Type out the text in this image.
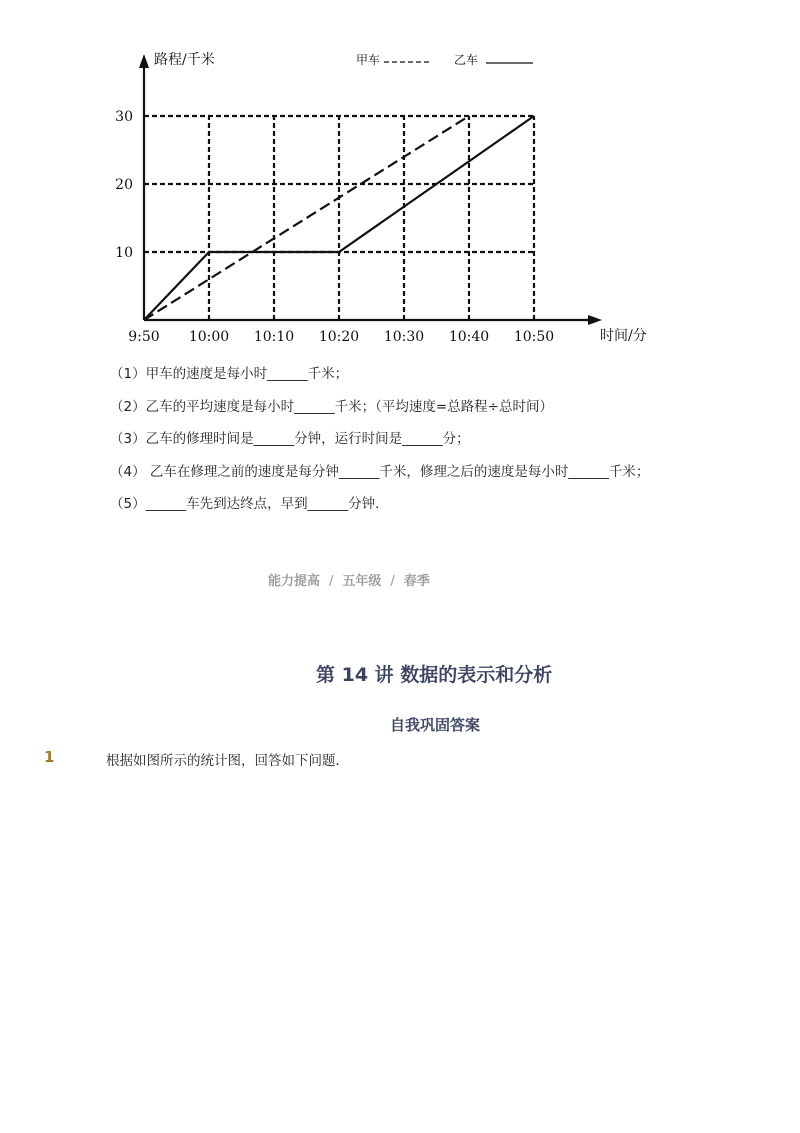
9:50 10:00 10:10 10:20 10:30 10:40 10:50
10
20
30
路程/千米
时间/分
甲车	乙车
（1）甲车的速度是每小时______千米；
（2）乙车的平均速度是每小时______千米；（平均速度=总路程÷总时间）
（3）乙车的修理时间是______分钟，运行时间是______分；
（4） 乙车在修理之前的速度是每分钟______千米，修理之后的速度是每小时______千米；
（5）______车先到达终点，早到______分钟．
能力提高 / 五年级 / 春季
第 14 讲 数据的表示和分析
自我巩固答案
1	根据如图所示的统计图，回答如下问题．
